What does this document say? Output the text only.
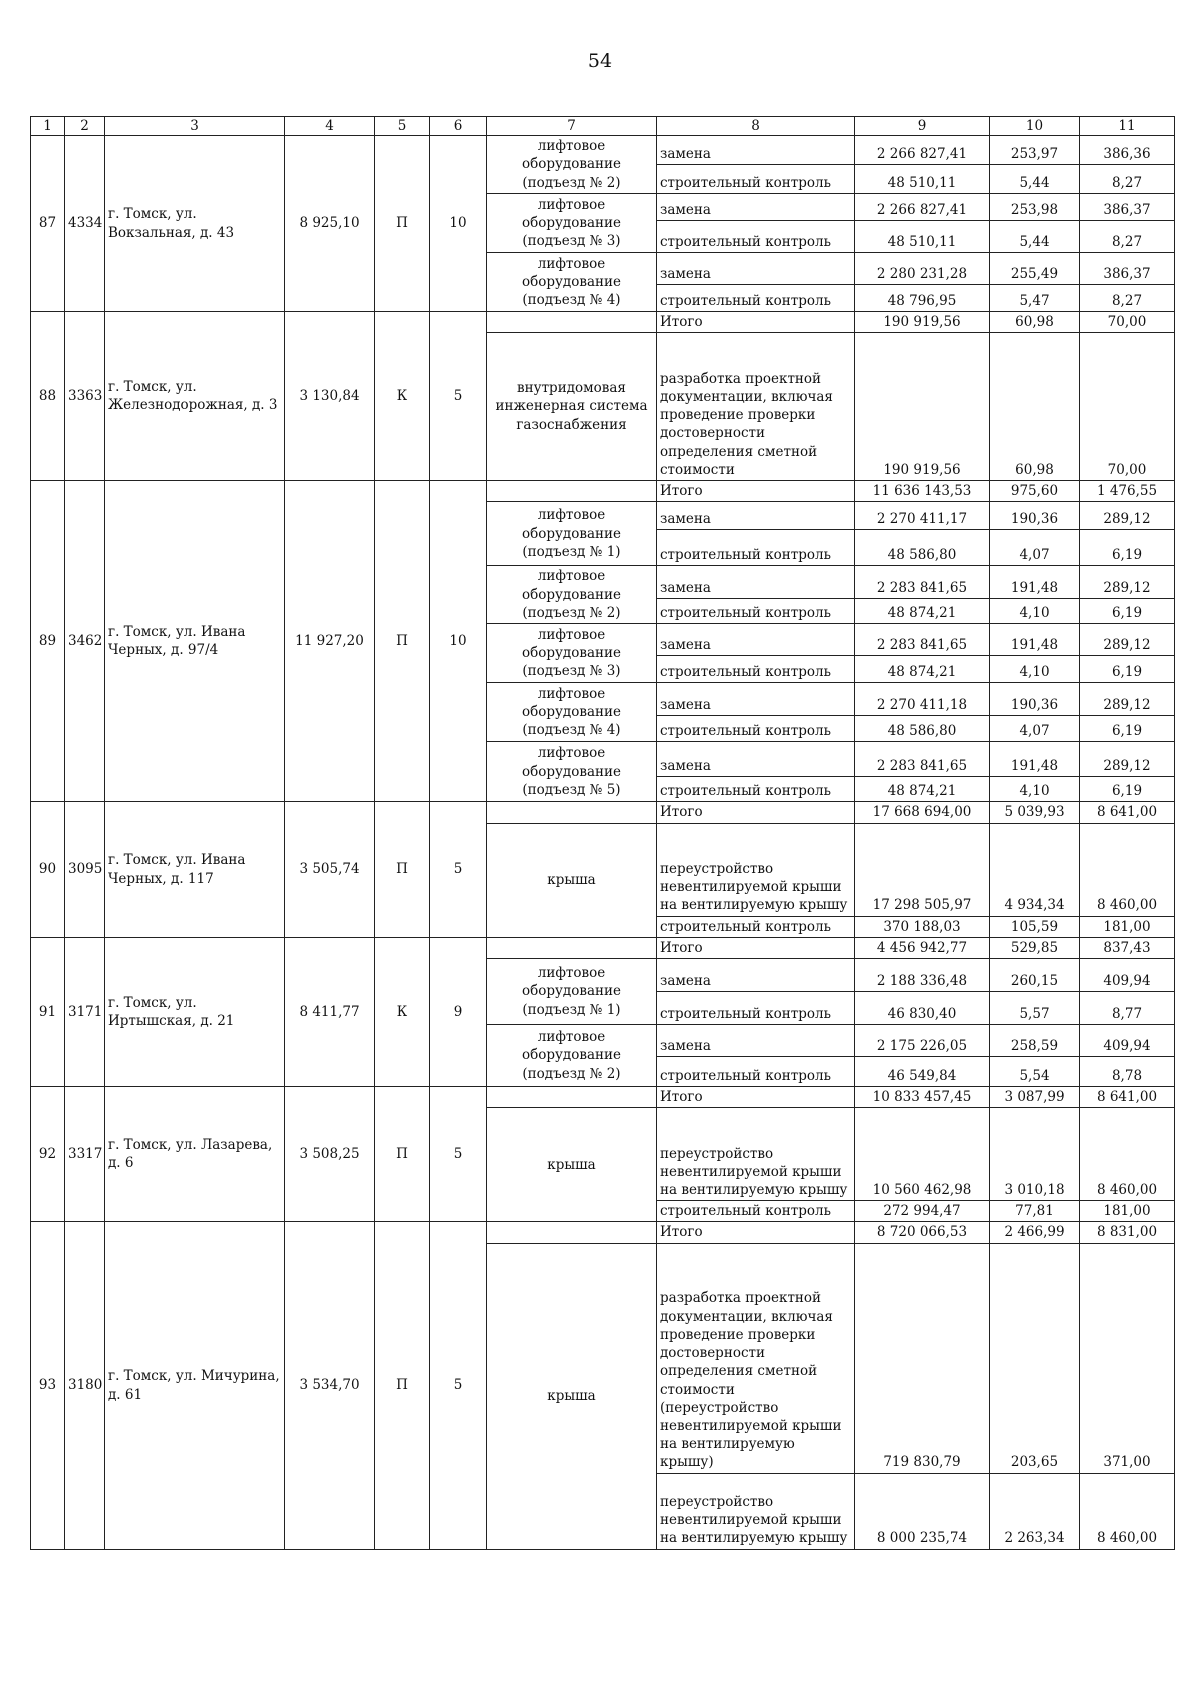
54
1	2	3	4	5	6	7	8	9	10	11
87	4334	г. Томск, ул. Вокзальная, д. 43	8 925,10	П	10	лифтовое оборудование (подъезд № 2)	замена	2 266 827,41	253,97	386,36
							строительный контроль	48 510,11	5,44	8,27
						лифтовое оборудование (подъезд № 3)	замена	2 266 827,41	253,98	386,37
							строительный контроль	48 510,11	5,44	8,27
						лифтовое оборудование (подъезд № 4)	замена	2 280 231,28	255,49	386,37
							строительный контроль	48 796,95	5,47	8,27
88	3363	г. Томск, ул. Железнодорожная, д. 3	3 130,84	К	5		Итого	190 919,56	60,98	70,00
						внутридомовая инженерная система газоснабжения	разработка проектной документации, включая проведение проверки достоверности определения сметной стоимости	190 919,56	60,98	70,00
89	3462	г. Томск, ул. Ивана Черных, д. 97/4	11 927,20	П	10		Итого	11 636 143,53	975,60	1 476,55
						лифтовое оборудование (подъезд № 1)	замена	2 270 411,17	190,36	289,12
							строительный контроль	48 586,80	4,07	6,19
						лифтовое оборудование (подъезд № 2)	замена	2 283 841,65	191,48	289,12
							строительный контроль	48 874,21	4,10	6,19
						лифтовое оборудование (подъезд № 3)	замена	2 283 841,65	191,48	289,12
							строительный контроль	48 874,21	4,10	6,19
						лифтовое оборудование (подъезд № 4)	замена	2 270 411,18	190,36	289,12
							строительный контроль	48 586,80	4,07	6,19
						лифтовое оборудование (подъезд № 5)	замена	2 283 841,65	191,48	289,12
							строительный контроль	48 874,21	4,10	6,19
90	3095	г. Томск, ул. Ивана Черных, д. 117	3 505,74	П	5		Итого	17 668 694,00	5 039,93	8 641,00
						крыша	переустройство невентилируемой крыши на вентилируемую крышу	17 298 505,97	4 934,34	8 460,00
							строительный контроль	370 188,03	105,59	181,00
91	3171	г. Томск, ул. Иртышская, д. 21	8 411,77	К	9		Итого	4 456 942,77	529,85	837,43
						лифтовое оборудование (подъезд № 1)	замена	2 188 336,48	260,15	409,94
							строительный контроль	46 830,40	5,57	8,77
						лифтовое оборудование (подъезд № 2)	замена	2 175 226,05	258,59	409,94
							строительный контроль	46 549,84	5,54	8,78
92	3317	г. Томск, ул. Лазарева, д. 6	3 508,25	П	5		Итого	10 833 457,45	3 087,99	8 641,00
						крыша	переустройство невентилируемой крыши на вентилируемую крышу	10 560 462,98	3 010,18	8 460,00
							строительный контроль	272 994,47	77,81	181,00
93	3180	г. Томск, ул. Мичурина, д. 61	3 534,70	П	5		Итого	8 720 066,53	2 466,99	8 831,00
						крыша	разработка проектной документации, включая проведение проверки достоверности определения сметной стоимости (переустройство невентилируемой крыши на вентилируемую крышу)	719 830,79	203,65	371,00
							переустройство невентилируемой крыши на вентилируемую крышу	8 000 235,74	2 263,34	8 460,00
